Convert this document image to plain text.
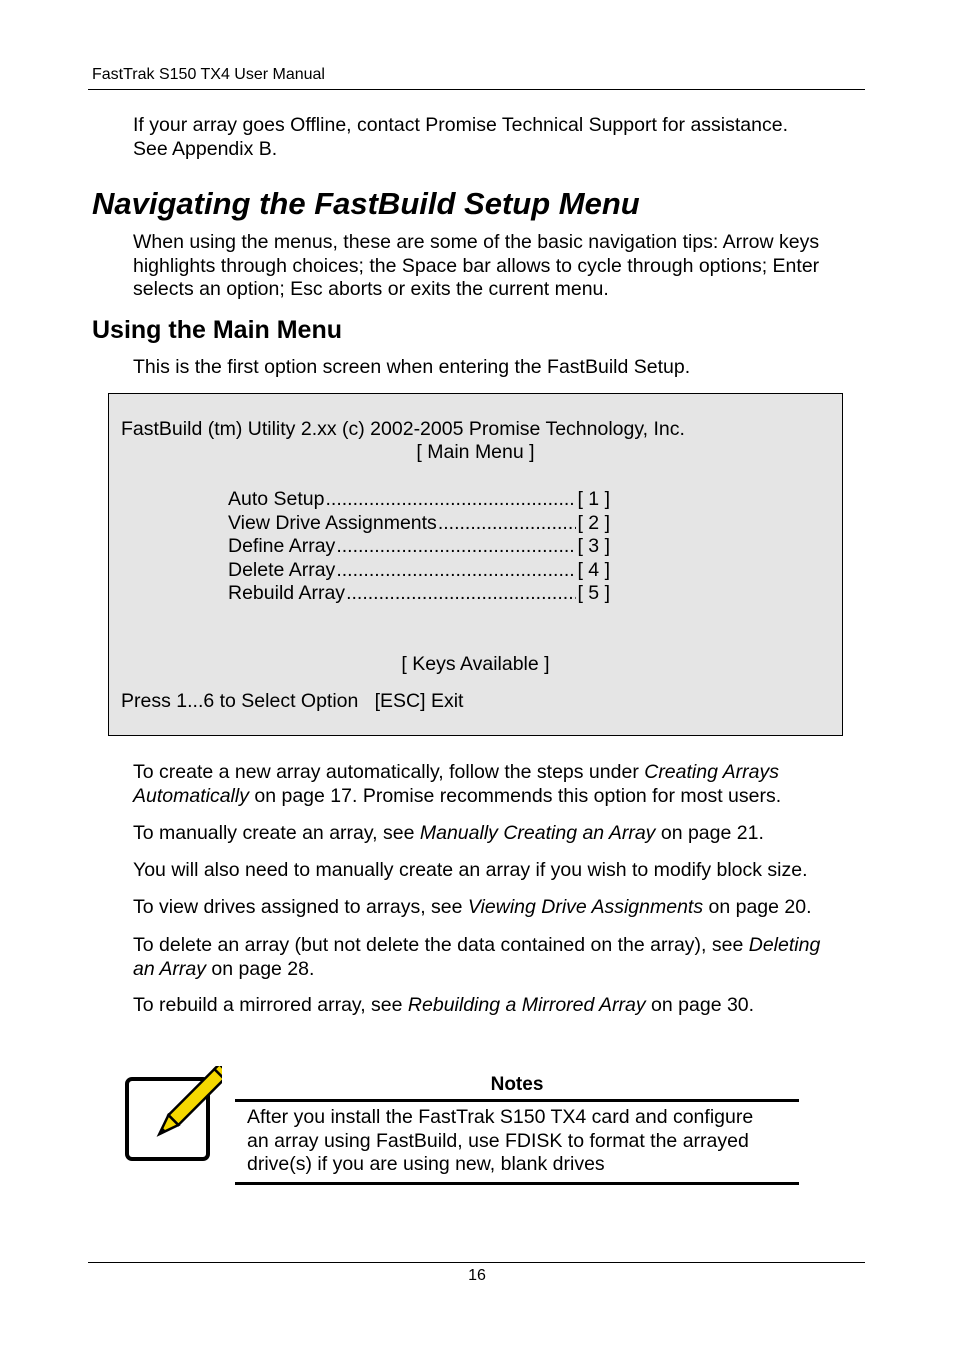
FastTrak S150 TX4 User Manual
If your array goes Offline, contact Promise Technical Support for assistance.
See Appendix B.
Navigating the FastBuild Setup Menu
When using the menus, these are some of the basic navigation tips: Arrow keys
highlights through choices; the Space bar allows to cycle through options; Enter
selects an option; Esc aborts or exits the current menu.
Using the Main Menu
This is the first option screen when entering the FastBuild Setup.
FastBuild (tm) Utility 2.xx (c) 2002-2005 Promise Technology, Inc.
[ Main Menu ]
Auto Setup .....	[ 1 ]
View Drive Assignments .....	[ 2 ]
Define Array .....	[ 3 ]
Delete Array .....	[ 4 ]
Rebuild Array .....	[ 5 ]
[ Keys Available ]
Press 1...6 to Select Option   [ESC] Exit
To create a new array automatically, follow the steps under Creating Arrays
Automatically on page 17. Promise recommends this option for most users.
To manually create an array, see Manually Creating an Array on page 21.
You will also need to manually create an array if you wish to modify block size.
To view drives assigned to arrays, see Viewing Drive Assignments on page 20.
To delete an array (but not delete the data contained on the array), see Deleting
an Array on page 28.
To rebuild a mirrored array, see Rebuilding a Mirrored Array on page 30.
Notes
After you install the FastTrak S150 TX4 card and configure
an array using FastBuild, use FDISK to format the arrayed
drive(s) if you are using new, blank drives
16
